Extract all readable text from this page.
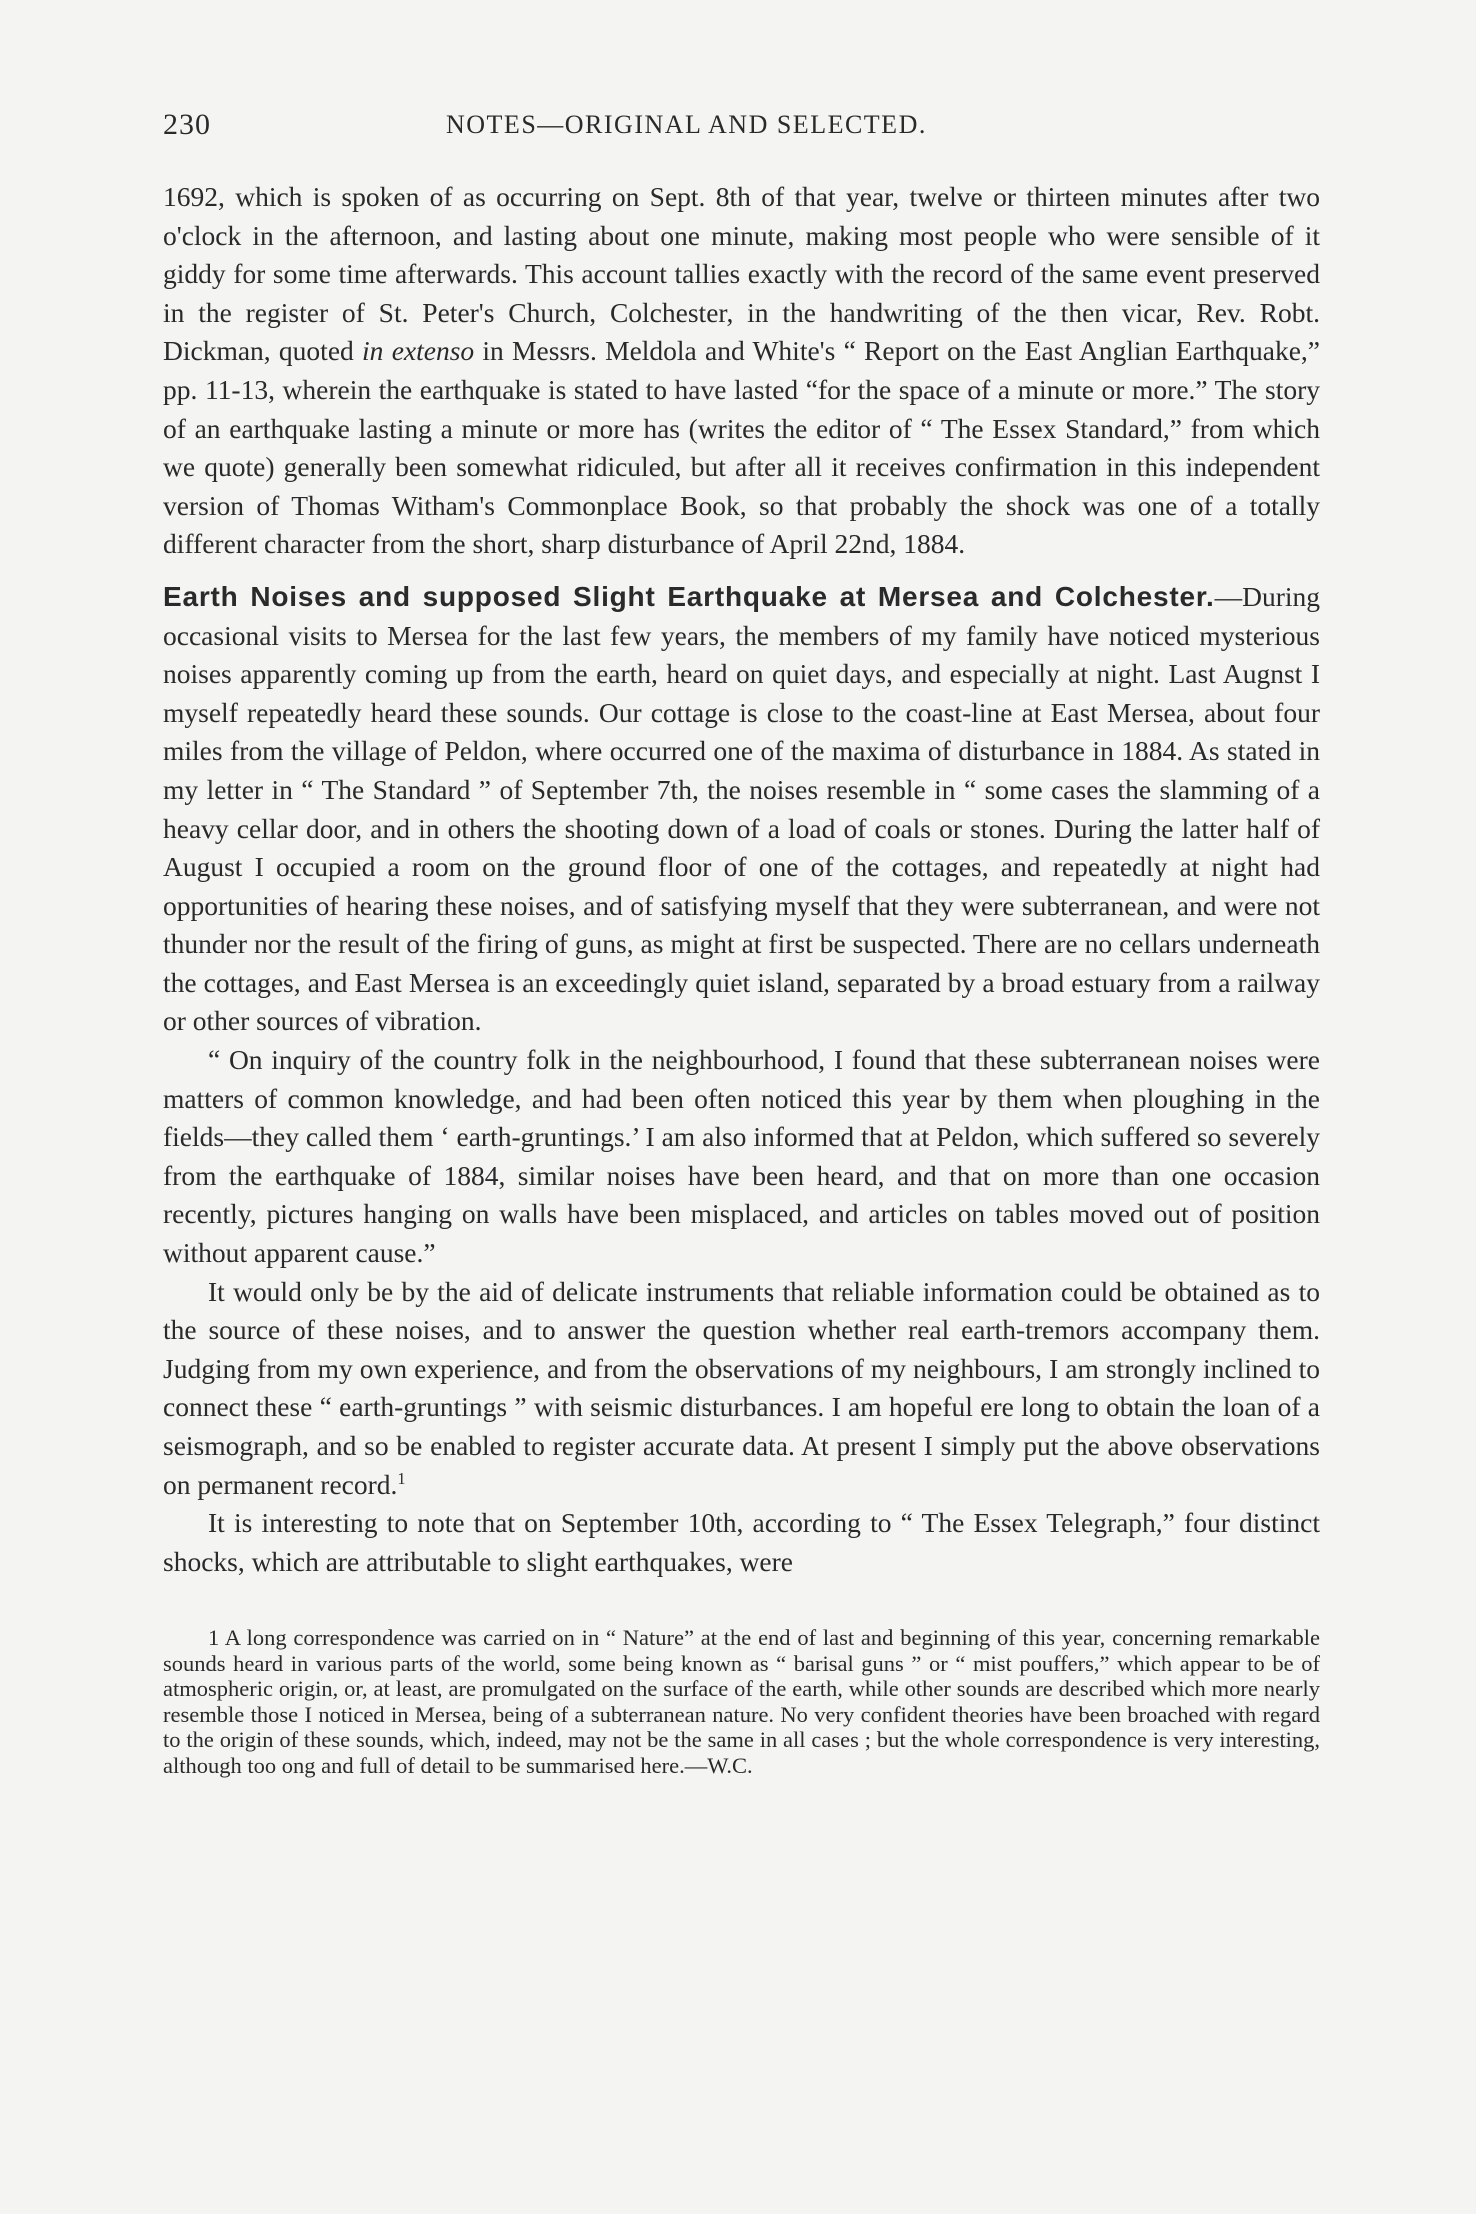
230	NOTES—ORIGINAL AND SELECTED.

1692, which is spoken of as occurring on Sept. 8th of that year, twelve or thirteen minutes after two o'clock in the afternoon, and lasting about one minute, making most people who were sensible of it giddy for some time afterwards. This account tallies exactly with the record of the same event preserved in the register of St. Peter's Church, Colchester, in the handwriting of the then vicar, Rev. Robt. Dickman, quoted in extenso in Messrs. Meldola and White's “ Report on the East Anglian Earthquake,” pp. 11-13, wherein the earthquake is stated to have lasted “for the space of a minute or more.” The story of an earthquake lasting a minute or more has (writes the editor of “ The Essex Standard,” from which we quote) generally been somewhat ridiculed, but after all it receives confirmation in this independent version of Thomas Witham's Commonplace Book, so that probably the shock was one of a totally different character from the short, sharp disturbance of April 22nd, 1884.

Earth Noises and supposed Slight Earthquake at Mersea and Colchester.—During occasional visits to Mersea for the last few years, the members of my family have noticed mysterious noises apparently coming up from the earth, heard on quiet days, and especially at night. Last Augnst I myself repeatedly heard these sounds. Our cottage is close to the coast-line at East Mersea, about four miles from the village of Peldon, where occurred one of the maxima of disturbance in 1884. As stated in my letter in “ The Standard ” of September 7th, the noises resemble in “ some cases the slamming of a heavy cellar door, and in others the shooting down of a load of coals or stones. During the latter half of August I occupied a room on the ground floor of one of the cottages, and repeatedly at night had opportunities of hearing these noises, and of satisfying myself that they were subterranean, and were not thunder nor the result of the firing of guns, as might at first be suspected. There are no cellars underneath the cottages, and East Mersea is an exceedingly quiet island, separated by a broad estuary from a railway or other sources of vibration.

“ On inquiry of the country folk in the neighbourhood, I found that these subterranean noises were matters of common knowledge, and had been often noticed this year by them when ploughing in the fields—they called them ‘ earth-gruntings.’ I am also informed that at Peldon, which suffered so severely from the earthquake of 1884, similar noises have been heard, and that on more than one occasion recently, pictures hanging on walls have been misplaced, and articles on tables moved out of position without apparent cause.”

It would only be by the aid of delicate instruments that reliable information could be obtained as to the source of these noises, and to answer the question whether real earth-tremors accompany them. Judging from my own experience, and from the observations of my neighbours, I am strongly inclined to connect these “ earth-gruntings ” with seismic disturbances. I am hopeful ere long to obtain the loan of a seismograph, and so be enabled to register accurate data. At present I simply put the above observations on permanent record.$^1$

It is interesting to note that on September 10th, according to “ The Essex Telegraph,” four distinct shocks, which are attributable to slight earthquakes, were

1 A long correspondence was carried on in “ Nature” at the end of last and beginning of this year, concerning remarkable sounds heard in various parts of the world, some being known as “ barisal guns ” or “ mist pouffers,” which appear to be of atmospheric origin, or, at least, are promulgated on the surface of the earth, while other sounds are described which more nearly resemble those I noticed in Mersea, being of a subterranean nature. No very confident theories have been broached with regard to the origin of these sounds, which, indeed, may not be the same in all cases ; but the whole correspondence is very interesting, although too ong and full of detail to be summarised here.—W.C.
